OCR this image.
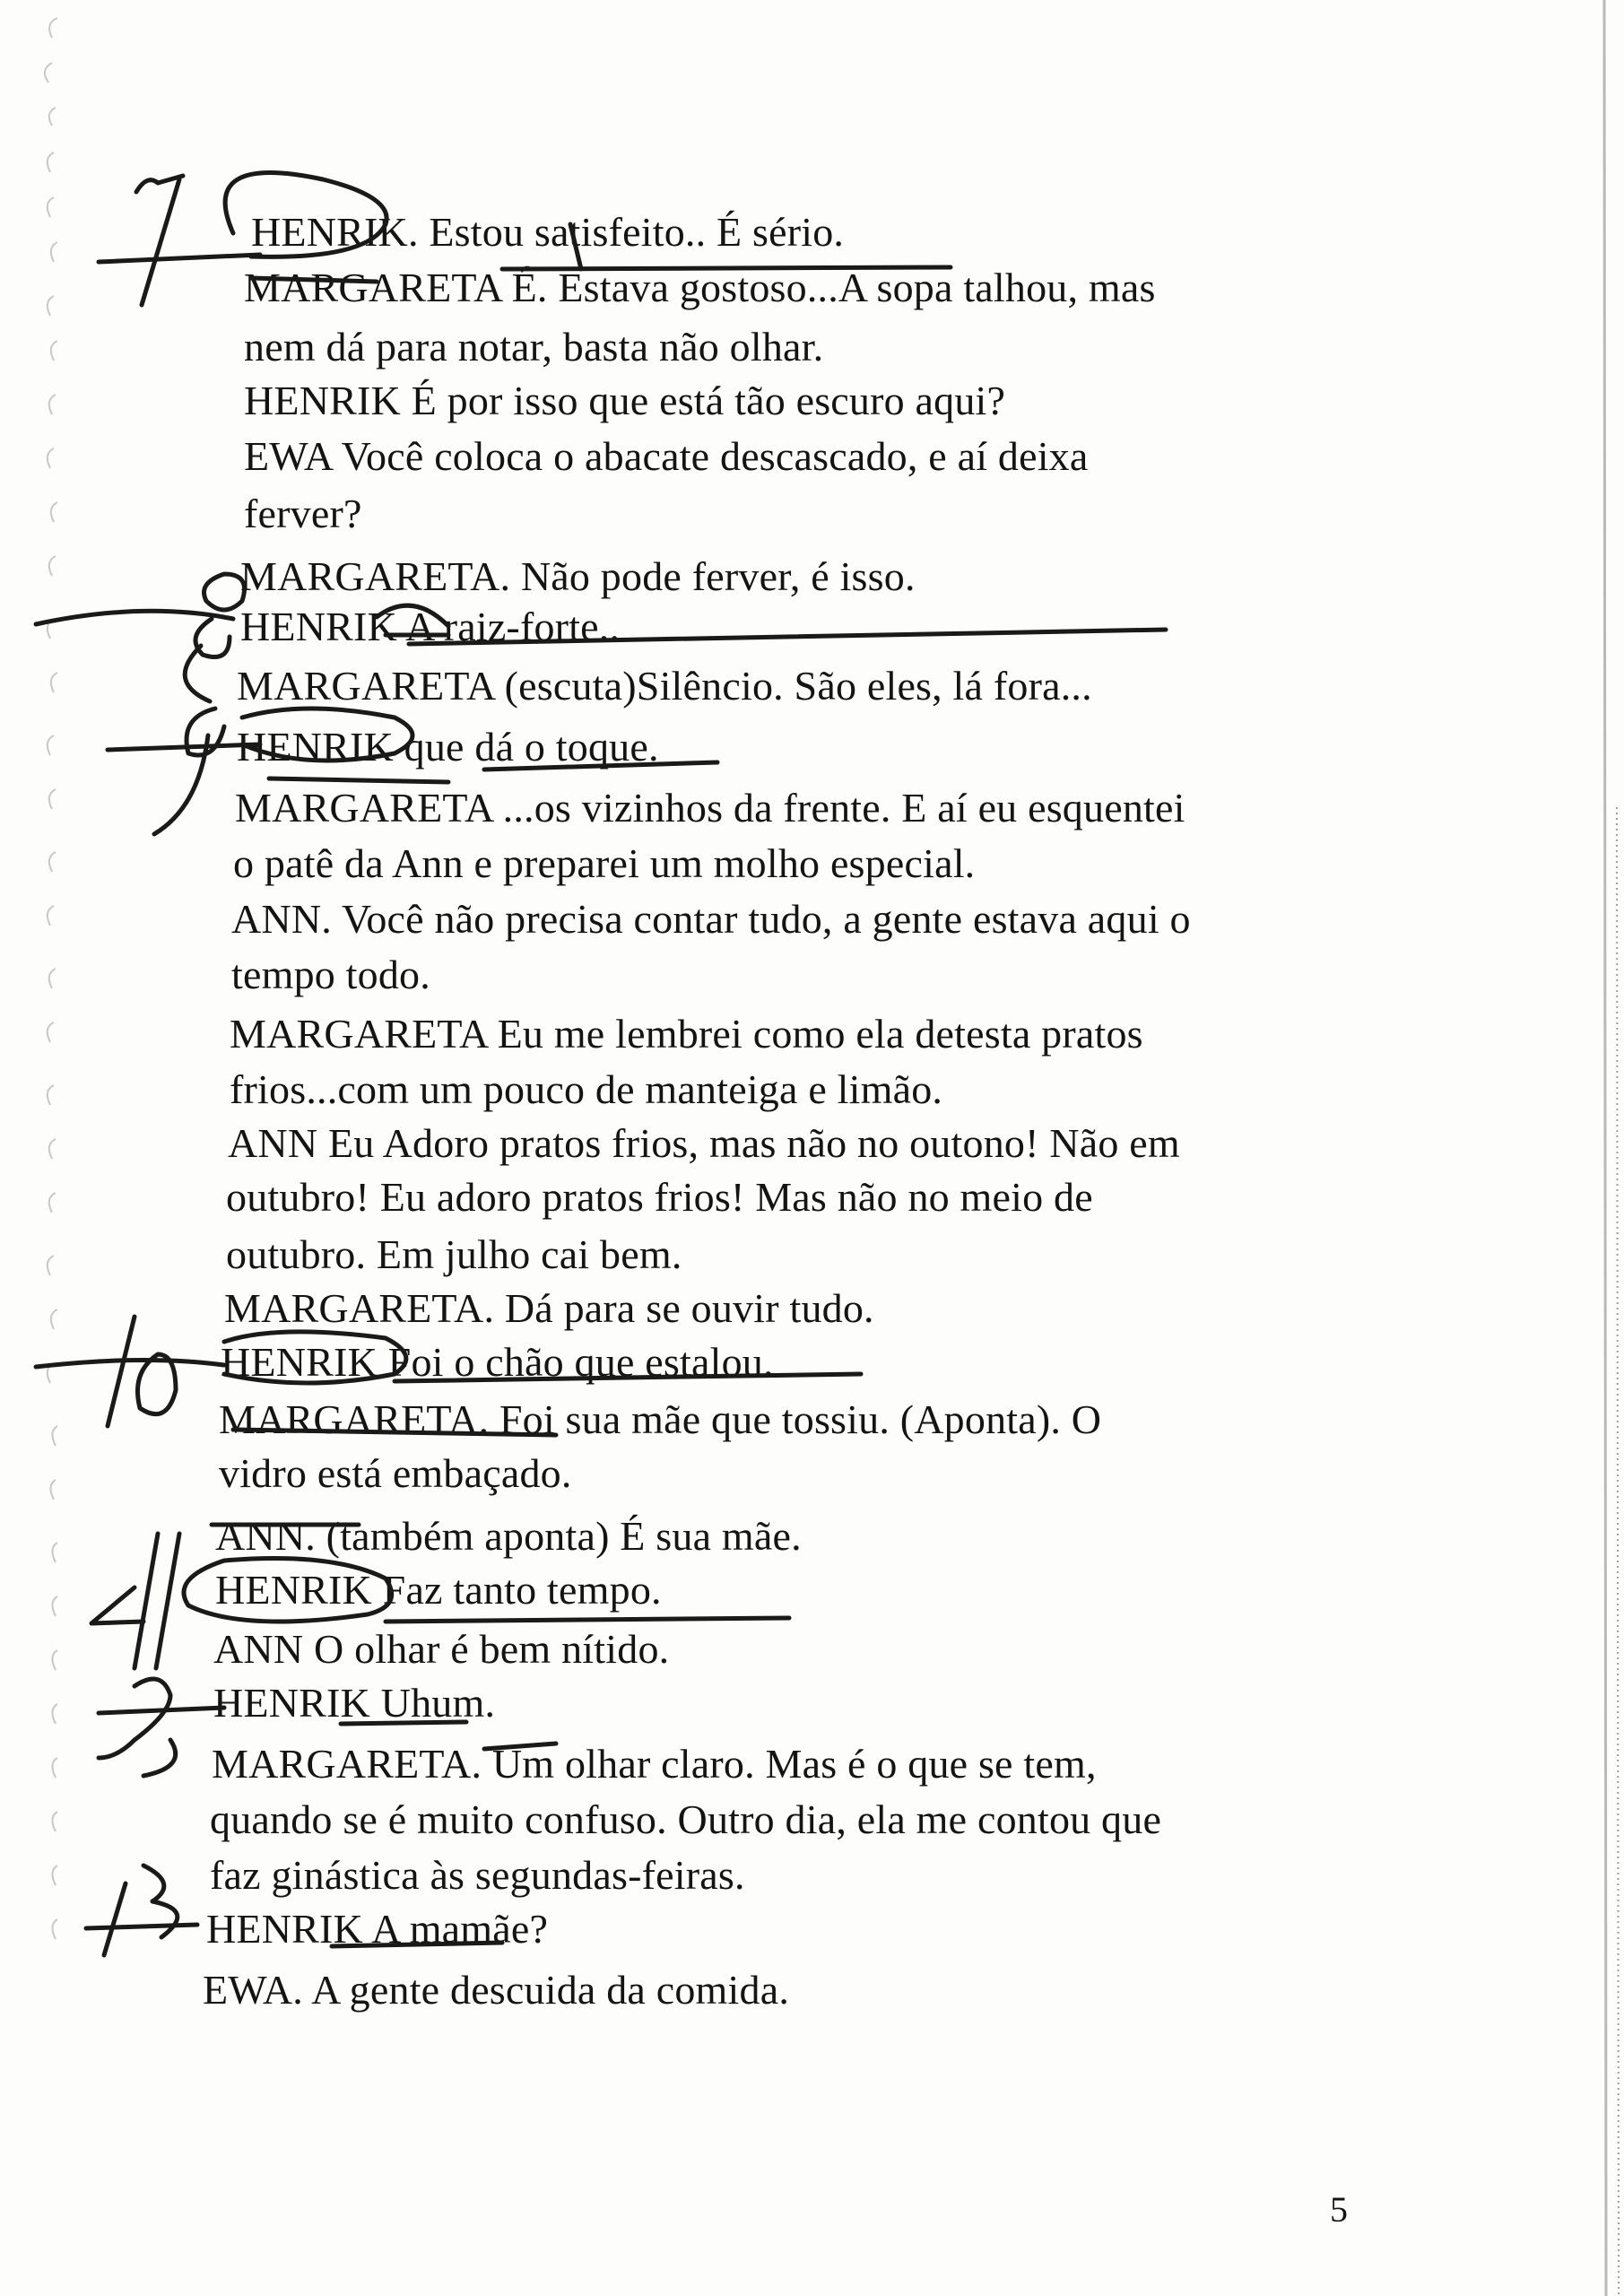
HENRIK. Estou satisfeito.. É sério.
MARGARETA É. Estava gostoso...A sopa talhou, mas
nem dá para notar, basta não olhar.
HENRIK É por isso que está tão escuro aqui?
EWA Você coloca o abacate descascado, e aí deixa
ferver?
MARGARETA. Não pode ferver, é isso.
HENRIK A raiz-forte..
MARGARETA (escuta)Silêncio. São eles, lá fora...
HENRIK que dá o toque.
MARGARETA ...os vizinhos da frente. E aí eu esquentei
o patê da Ann e preparei um molho especial.
ANN. Você não precisa contar tudo, a gente estava aqui o
tempo todo.
MARGARETA Eu me lembrei como ela detesta pratos
frios...com um pouco de manteiga e limão.
ANN Eu Adoro pratos frios, mas não no outono! Não em
outubro! Eu adoro pratos frios! Mas não no meio de
outubro. Em julho cai bem.
MARGARETA. Dá para se ouvir tudo.
HENRIK Foi o chão que estalou.
MARGARETA. Foi sua mãe que tossiu. (Aponta). O
vidro está embaçado.
ANN. (também aponta) É sua mãe.
HENRIK Faz tanto tempo.
ANN O olhar é bem nítido.
HENRIK Uhum.
MARGARETA. Um olhar claro. Mas é o que se tem,
quando se é muito confuso. Outro dia, ela me contou que
faz ginástica às segundas-feiras.
HENRIK A mamãe?
EWA. A gente descuida da comida.
5
